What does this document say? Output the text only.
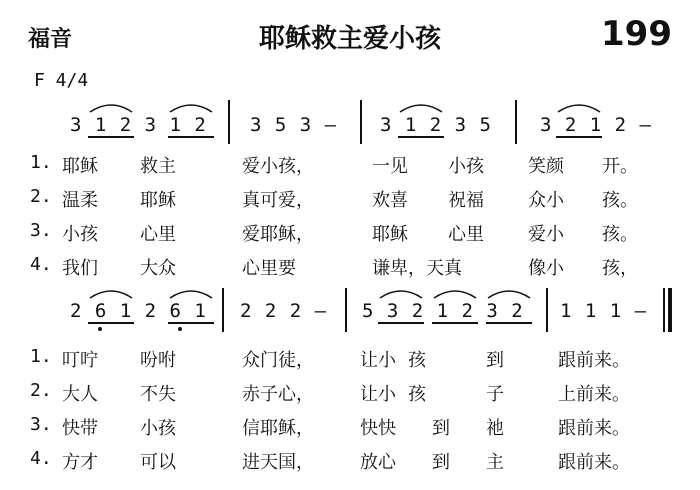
福音	耶稣救主爱小孩	199
F 4/4
3 1 2 3 1 2 3 5 3 — 3 1 2 3 5	3 2 1 2 —
1. 耶稣 救主	爱小孩，	一见 小孩 笑颜 开。
2. 温柔 耶稣	真可爱，	欢喜 祝福 众小 孩。
3. 小孩 心里	爱耶稣，	耶稣 心里 爱小 孩。
4. 我们 大众	心里要	谦卑，天真	像小 孩，
2 6 1 2 6 1 2 2 2 — 5 3 2 1 2 3 2 1 1 1 —
1. 叮咛 吩咐	众门徒，	让小 孩	到	跟前来。
2. 大人 不失	赤子心，	让小 孩	子	上前来。
3. 快带 小孩	信耶稣，	快快 到 祂	跟前来。
4. 方才 可以	进天国，	放心 到 主	跟前来。
